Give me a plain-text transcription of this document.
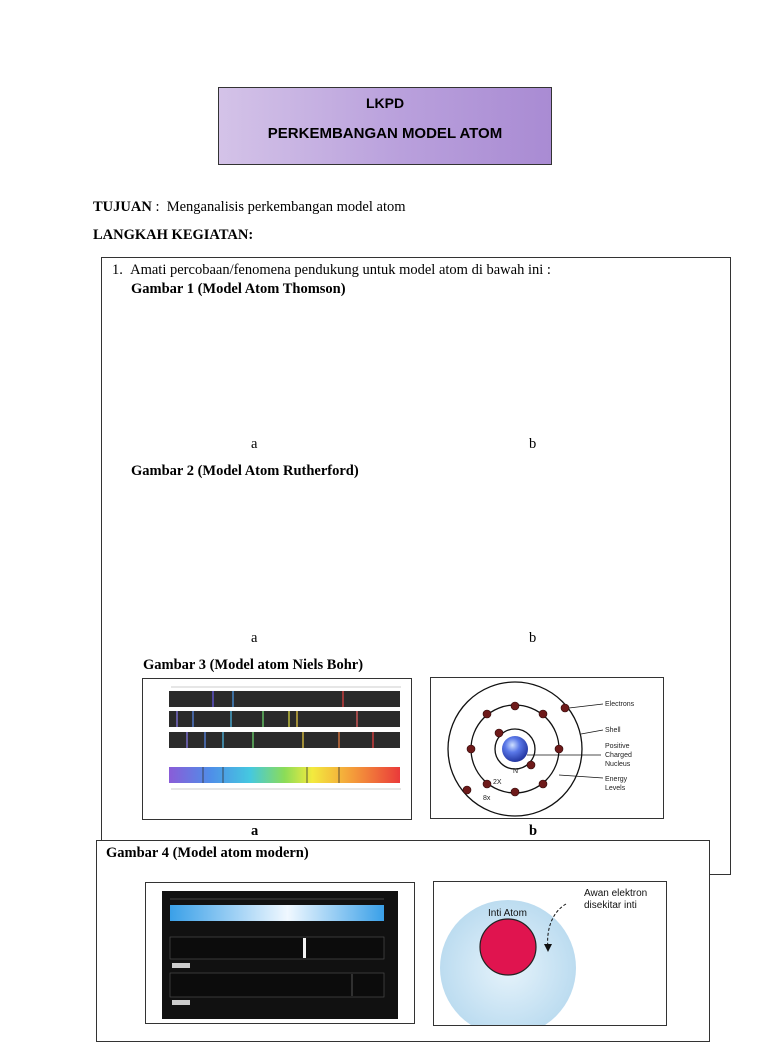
LKPD
PERKEMBANGAN MODEL ATOM
TUJUAN : Menganalisis perkembangan model atom
LANGKAH KEGIATAN:
1. Amati percobaan/fenomena pendukung untuk model atom di bawah ini :
Gambar 1 (Model Atom Thomson)
a	b
Gambar 2 (Model Atom Rutherford)
a	b
Gambar 3 (Model atom Niels Bohr)
Electrons
Shell
Positive
Charged
Nucleus
Energy
Levels
N
2X
8x
a	b
Gambar 4 (Model atom modern)
Inti Atom
Awan elektron
disekitar inti
